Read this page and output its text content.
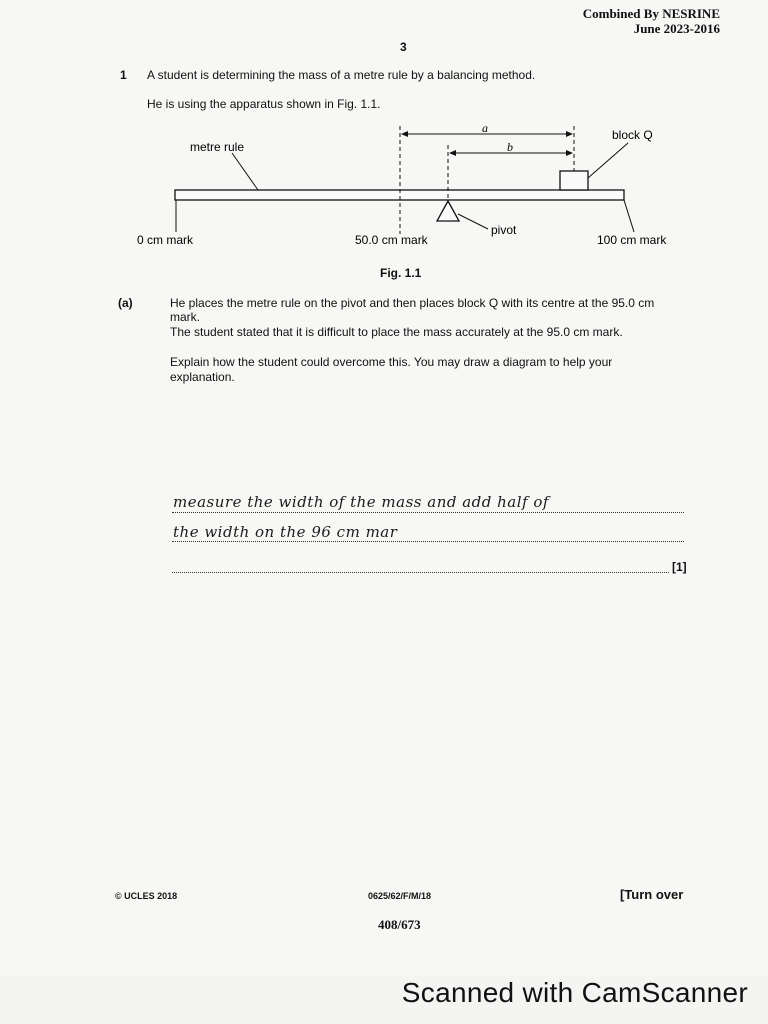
Combined By NESRINE
June 2023-2016
3
1 A student is determining the mass of a metre rule by a balancing method.
He is using the apparatus shown in Fig. 1.1.
metre rule
block Q
a
b
pivot
0 cm mark	50.0 cm mark	100 cm mark
Fig. 1.1
(a)	He places the metre rule on the pivot and then places block Q with its centre at the 95.0 cm
mark.
The student stated that it is difficult to place the mass accurately at the 95.0 cm mark.
Explain how the student could overcome this. You may draw a diagram to help your
explanation.
measure the width of the mass and add half of
the width on the 96 cm mar
[1]
© UCLES 2018	0625/62/F/M/18	[Turn over
408/673
Scanned with CamScanner
